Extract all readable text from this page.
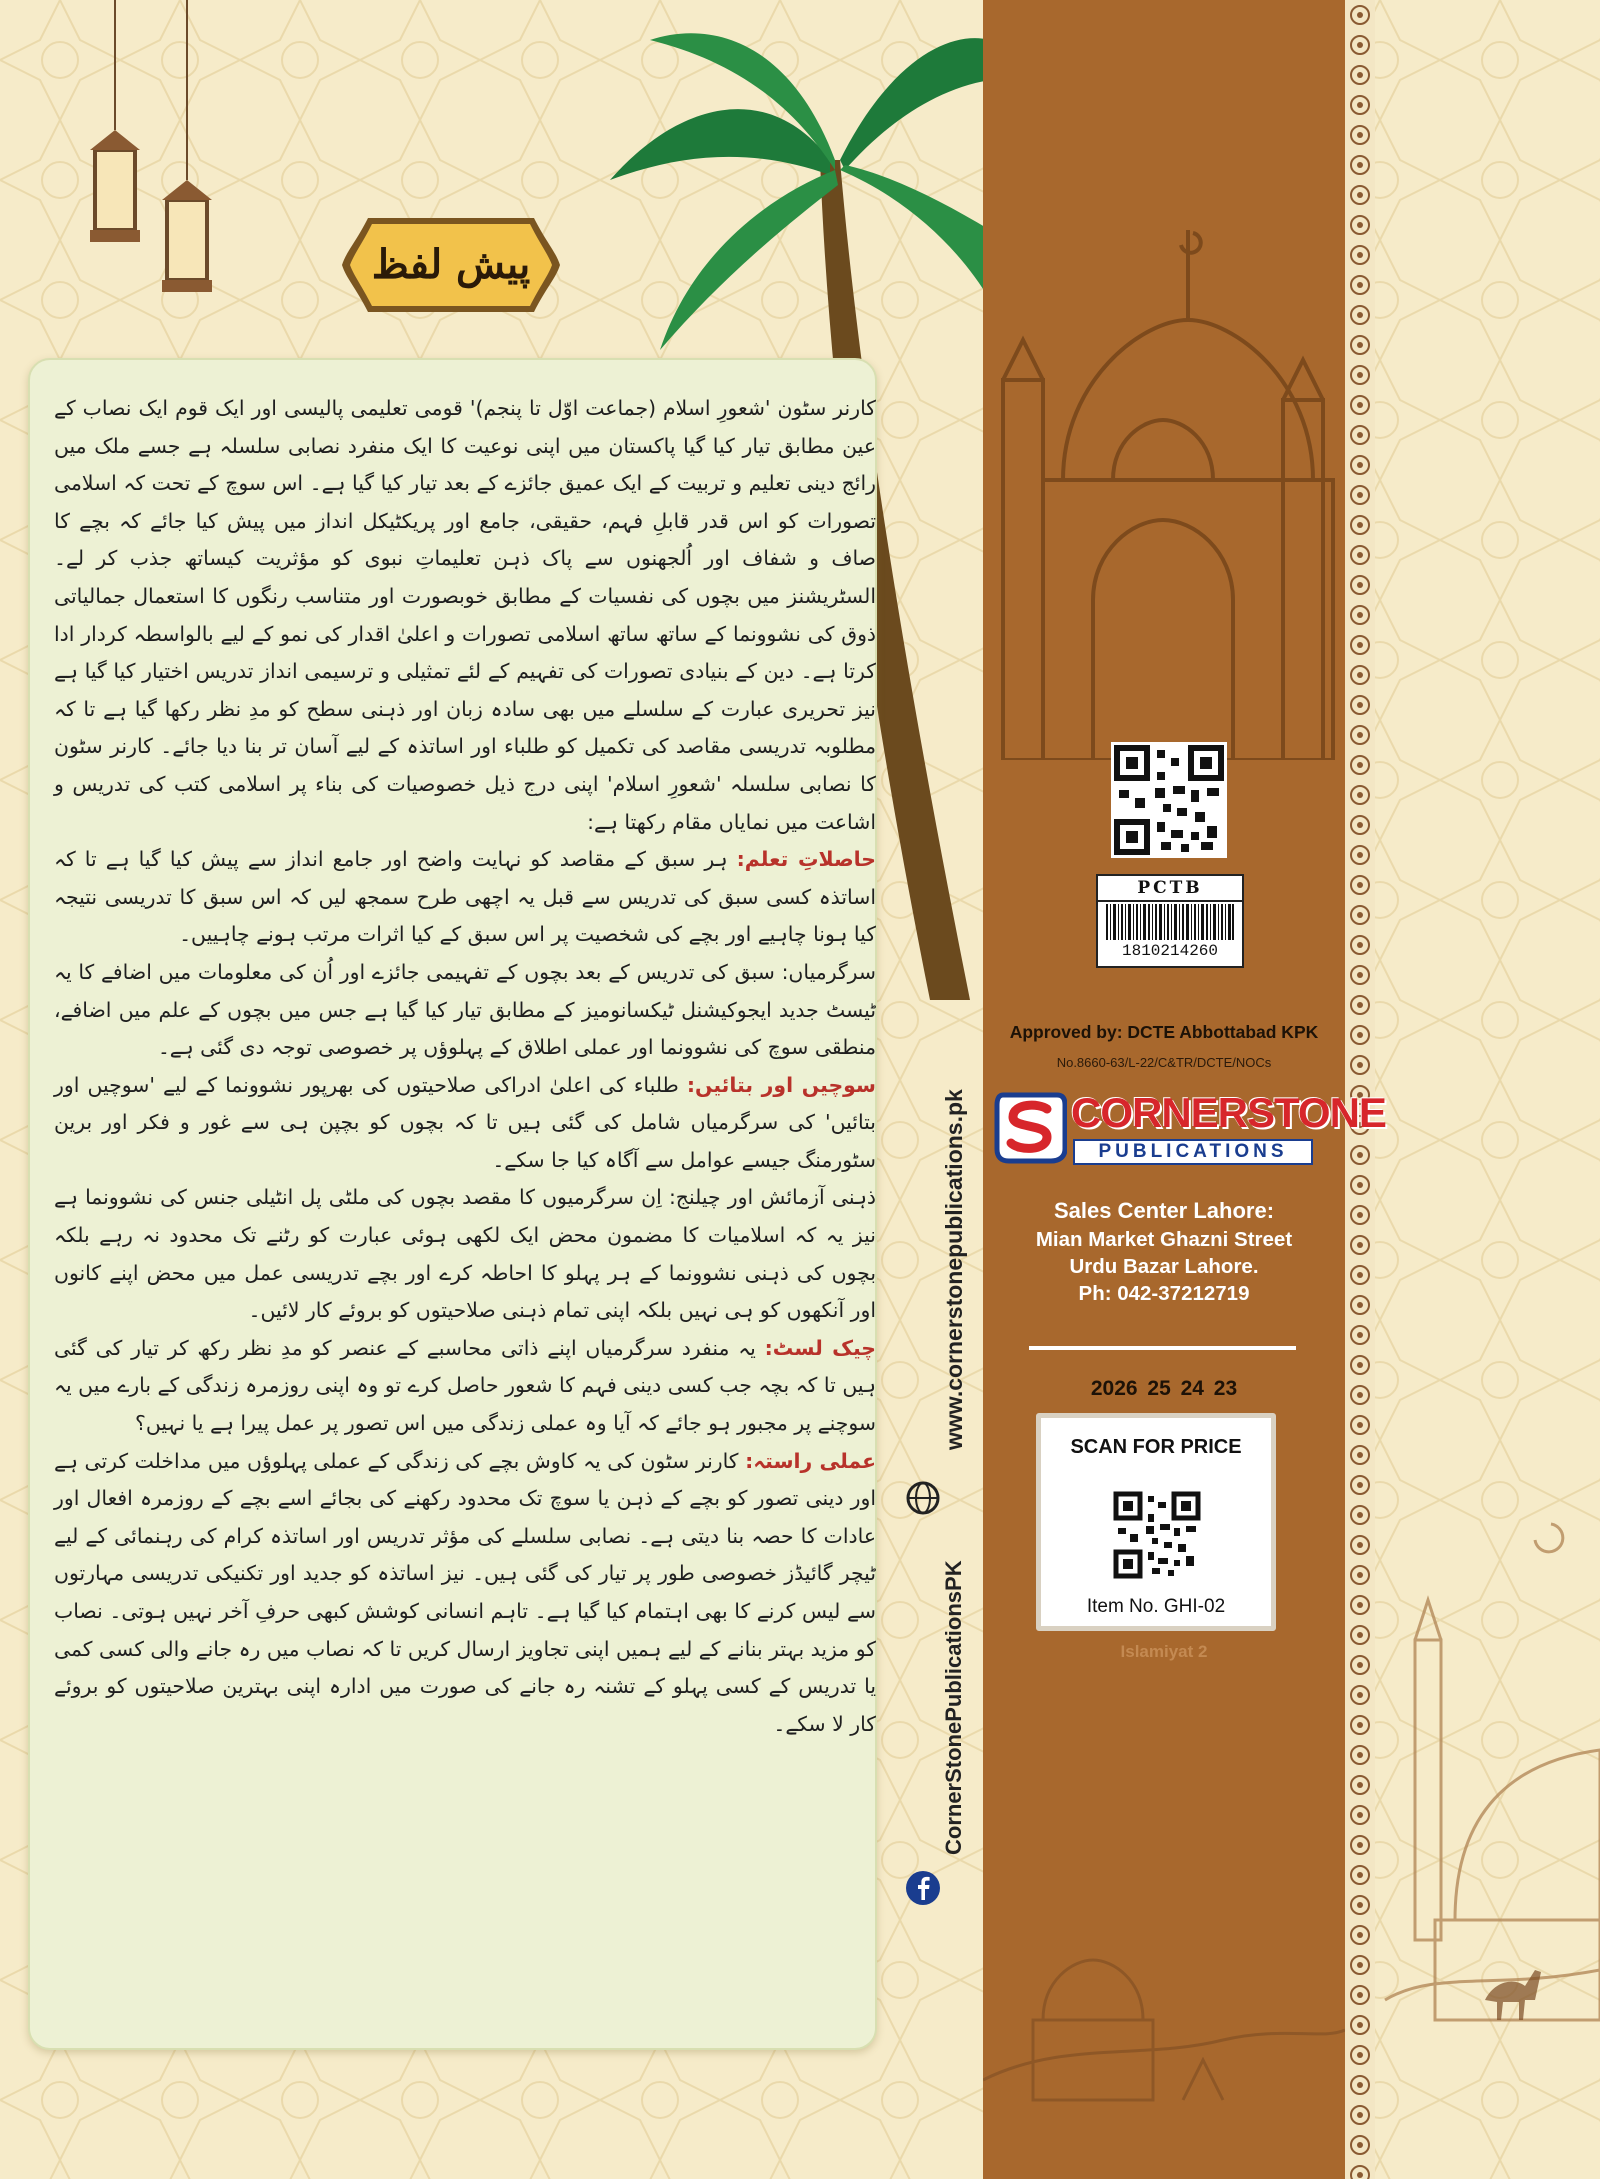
پیش لفظ

کارنر سٹون 'شعورِ اسلام (جماعت اوّل تا پنجم)' قومی تعلیمی پالیسی اور ایک قوم ایک نصاب کے عین مطابق تیار کیا گیا پاکستان میں اپنی نوعیت کا ایک منفرد نصابی سلسلہ ہے جسے ملک میں رائج دینی تعلیم و تربیت کے ایک عمیق جائزے کے بعد تیار کیا گیا ہے۔ اس سوچ کے تحت کہ اسلامی تصورات کو اس قدر قابلِ فہم، حقیقی، جامع اور پریکٹیکل انداز میں پیش کیا جائے کہ بچے کا صاف و شفاف اور اُلجھنوں سے پاک ذہن تعلیماتِ نبوی کو مؤثریت کیساتھ جذب کر لے۔ السٹریشنز میں بچوں کی نفسیات کے مطابق خوبصورت اور متناسب رنگوں کا استعمال جمالیاتی ذوق کی نشوونما کے ساتھ ساتھ اسلامی تصورات و اعلیٰ اقدار کی نمو کے لیے بالواسطہ کردار ادا کرتا ہے۔ دین کے بنیادی تصورات کی تفہیم کے لئے تمثیلی و ترسیمی انداز تدریس اختیار کیا گیا ہے نیز تحریری عبارت کے سلسلے میں بھی سادہ زبان اور ذہنی سطح کو مدِ نظر رکھا گیا ہے تا کہ مطلوبہ تدریسی مقاصد کی تکمیل کو طلباء اور اساتذہ کے لیے آسان تر بنا دیا جائے۔ کارنر سٹون کا نصابی سلسلہ 'شعورِ اسلام' اپنی درج ذیل خصوصیات کی بناء پر اسلامی کتب کی تدریس و اشاعت میں نمایاں مقام رکھتا ہے:

حاصلاتِ تعلم: ہر سبق کے مقاصد کو نہایت واضح اور جامع انداز سے پیش کیا گیا ہے تا کہ اساتذہ کسی سبق کی تدریس سے قبل یہ اچھی طرح سمجھ لیں کہ اس سبق کا تدریسی نتیجہ کیا ہونا چاہیے اور بچے کی شخصیت پر اس سبق کے کیا اثرات مرتب ہونے چاہییں۔

سرگرمیاں: سبق کی تدریس کے بعد بچوں کے تفہیمی جائزے اور اُن کی معلومات میں اضافے کا یہ ٹیسٹ جدید ایجوکیشنل ٹیکسانومیز کے مطابق تیار کیا گیا ہے جس میں بچوں کے علم میں اضافے، منطقی سوچ کی نشوونما اور عملی اطلاق کے پہلوؤں پر خصوصی توجہ دی گئی ہے۔

سوچیں اور بتائیں: طلباء کی اعلیٰ ادراکی صلاحیتوں کی بھرپور نشوونما کے لیے 'سوچیں اور بتائیں' کی سرگرمیاں شامل کی گئی ہیں تا کہ بچوں کو بچپن ہی سے غور و فکر اور برین سٹورمنگ جیسے عوامل سے آگاہ کیا جا سکے۔

ذہنی آزمائش اور چیلنج: اِن سرگرمیوں کا مقصد بچوں کی ملٹی پل انٹیلی جنس کی نشوونما ہے نیز یہ کہ اسلامیات کا مضمون محض ایک لکھی ہوئی عبارت کو رٹنے تک محدود نہ رہے بلکہ بچوں کی ذہنی نشوونما کے ہر پہلو کا احاطہ کرے اور بچے تدریسی عمل میں محض اپنے کانوں اور آنکھوں کو ہی نہیں بلکہ اپنی تمام ذہنی صلاحیتوں کو بروئے کار لائیں۔

چیک لسٹ: یہ منفرد سرگرمیاں اپنے ذاتی محاسبے کے عنصر کو مدِ نظر رکھ کر تیار کی گئی ہیں تا کہ بچہ جب کسی دینی فہم کا شعور حاصل کرے تو وہ اپنی روزمرہ زندگی کے بارے میں یہ سوچنے پر مجبور ہو جائے کہ آیا وہ عملی زندگی میں اس تصور پر عمل پیرا ہے یا نہیں؟

عملی راستہ: کارنر سٹون کی یہ کاوش بچے کی زندگی کے عملی پہلوؤں میں مداخلت کرتی ہے اور دینی تصور کو بچے کے ذہن یا سوچ تک محدود رکھنے کی بجائے اسے بچے کے روزمرہ افعال اور عادات کا حصہ بنا دیتی ہے۔ نصابی سلسلے کی مؤثر تدریس اور اساتذہ کرام کی رہنمائی کے لیے ٹیچر گائیڈز خصوصی طور پر تیار کی گئی ہیں۔ نیز اساتذہ کو جدید اور تکنیکی تدریسی مہارتوں سے لیس کرنے کا بھی اہتمام کیا گیا ہے۔ تاہم انسانی کوشش کبھی حرفِ آخر نہیں ہوتی۔ نصاب کو مزید بہتر بنانے کے لیے ہمیں اپنی تجاویز ارسال کریں تا کہ نصاب میں رہ جانے والی کسی کمی یا تدریس کے کسی پہلو کے تشنہ رہ جانے کی صورت میں ادارہ اپنی بہترین صلاحیتوں کو بروئے کار لا سکے۔

www.cornerstonepublications.pk
CornerStonePublicationsPK
PCTB
1810214260
Approved by: DCTE Abbottabad KPK
No.8660-63/L-22/C&TR/DCTE/NOCs
CORNERSTONE
PUBLICATIONS
Sales Center Lahore:
Mian Market Ghazni Street
Urdu Bazar Lahore.
Ph: 042-37212719
2026 25 24 23
SCAN FOR PRICE
Item No. GHI-02
Islamiyat 2
